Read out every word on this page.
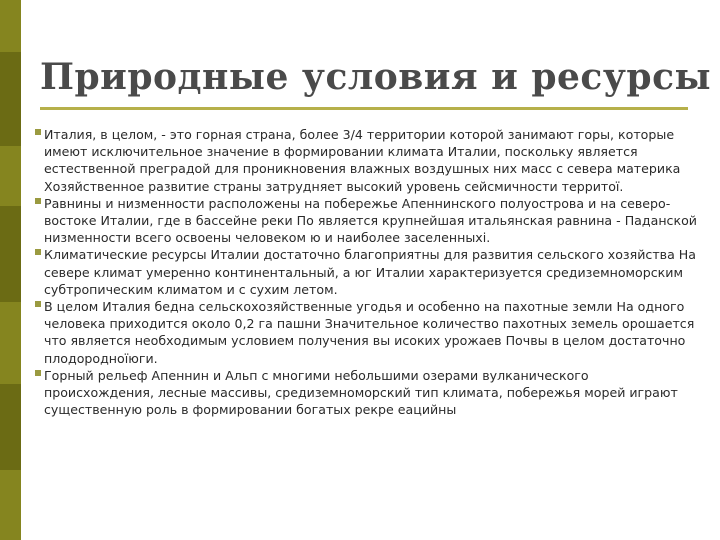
Природные условия и ресурсы

Италия, в целом, - это горная страна, более 3/4 территории которой занимают горы, которые имеют исключительное значение в формировании климата Италии, поскольку является естественной преградой для проникновения влажных воздушных них масс с севера материка Хозяйственное развитие страны затрудняет высокий уровень сейсмичности территої.

Равнины и низменности расположены на побережье Апеннинского полуострова и на северо-востоке Италии, где в бассейне реки По является крупнейшая итальянская равнина - Паданской низменности всего освоены человеком ю и наиболее заселенныхі.

Климатические ресурсы Италии достаточно благоприятны для развития сельского хозяйства На севере климат умеренно континентальный, а юг Италии характеризуется средиземноморским субтропическим климатом и с сухим летом.

В целом Италия бедна сельскохозяйственные угодья и особенно на пахотные земли На одного человека приходится около 0,2 га пашни Значительное количество пахотных земель орошается что является необходимым условием получения вы исоких урожаев Почвы в целом достаточно плодородноїюги.

Горный рельеф Апеннин и Альп с многими небольшими озерами вулканического происхождения, лесные массивы, средиземноморский тип климата, побережья морей играют существенную роль в формировании богатых рекре еацийны
